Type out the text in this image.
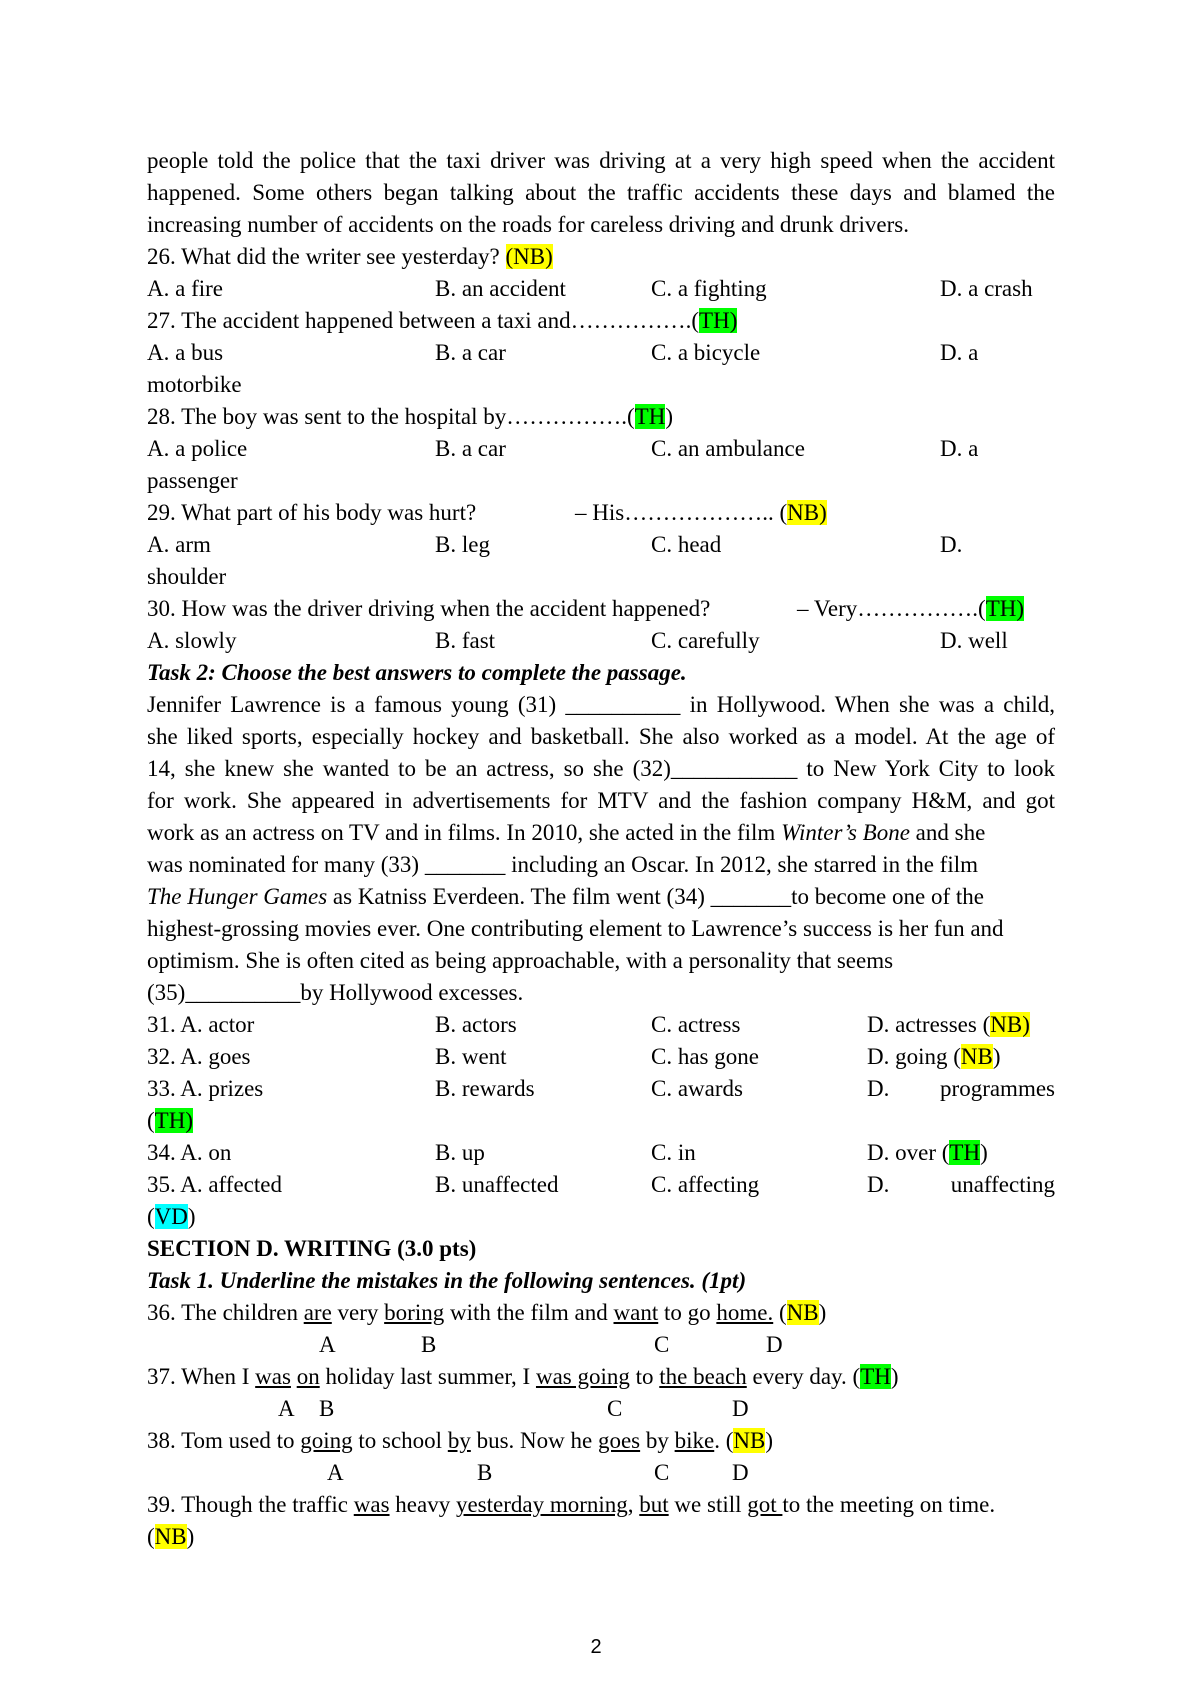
people told the police that the taxi driver was driving at a very high speed when the accident
happened. Some others began talking about the traffic accidents these days and blamed the
increasing number of accidents on the roads for careless driving and drunk drivers.
26. What did the writer see yesterday? (NB)
A. a fire	B. an accident	C. a fighting	D. a crash
27. The accident happened between a taxi and…………….(TH)
A. a bus	B. a car	C. a bicycle	D. a
motorbike
28. The boy was sent to the hospital by…………….(TH)
A. a police	B. a car	C. an ambulance	D. a
passenger
29. What part of his body was hurt?	– His……………….. (NB)
A. arm	B. leg	C. head	D.
shoulder
30. How was the driver driving when the accident happened?	– Very…………….(TH)
A. slowly	B. fast	C. carefully	D. well
Task 2: Choose the best answers to complete the passage.
Jennifer Lawrence is a famous young (31) __________ in Hollywood. When she was a child,
she liked sports, especially hockey and basketball. She also worked as a model. At the age of
14, she knew she wanted to be an actress, so she (32)___________ to New York City to look
for work. She appeared in advertisements for MTV and the fashion company H&M, and got
work as an actress on TV and in films. In 2010, she acted in the film Winter’s Bone and she
was nominated for many (33) _______ including an Oscar. In 2012, she starred in the film
The Hunger Games as Katniss Everdeen. The film went (34) _______to become one of the
highest-grossing movies ever. One contributing element to Lawrence’s success is her fun and
optimism. She is often cited as being approachable, with a personality that seems
(35)__________by Hollywood excesses.
31. A. actor	B. actors	C. actress	D. actresses (NB)
32. A. goes	B. went	C. has gone	D. going (NB)
33. A. prizes	B. rewards	C. awards	D. programmes
(TH)
34. A. on	B. up	C. in	D. over (TH)
35. A. affected	B. unaffected	C. affecting	D.	unaffecting
(VD)
SECTION D. WRITING (3.0 pts)
Task 1. Underline the mistakes in the following sentences. (1pt)
36. The children are very boring with the film and want to go home. (NB)
A	B	C	D
37. When I was on holiday last summer, I was going to the beach every day. (TH)
A B	C	D
38. Tom used to going to school by bus. Now he goes by bike. (NB)
A	B	C	D
39. Though the traffic was heavy yesterday morning, but we still got to the meeting on time.
(NB)
2
